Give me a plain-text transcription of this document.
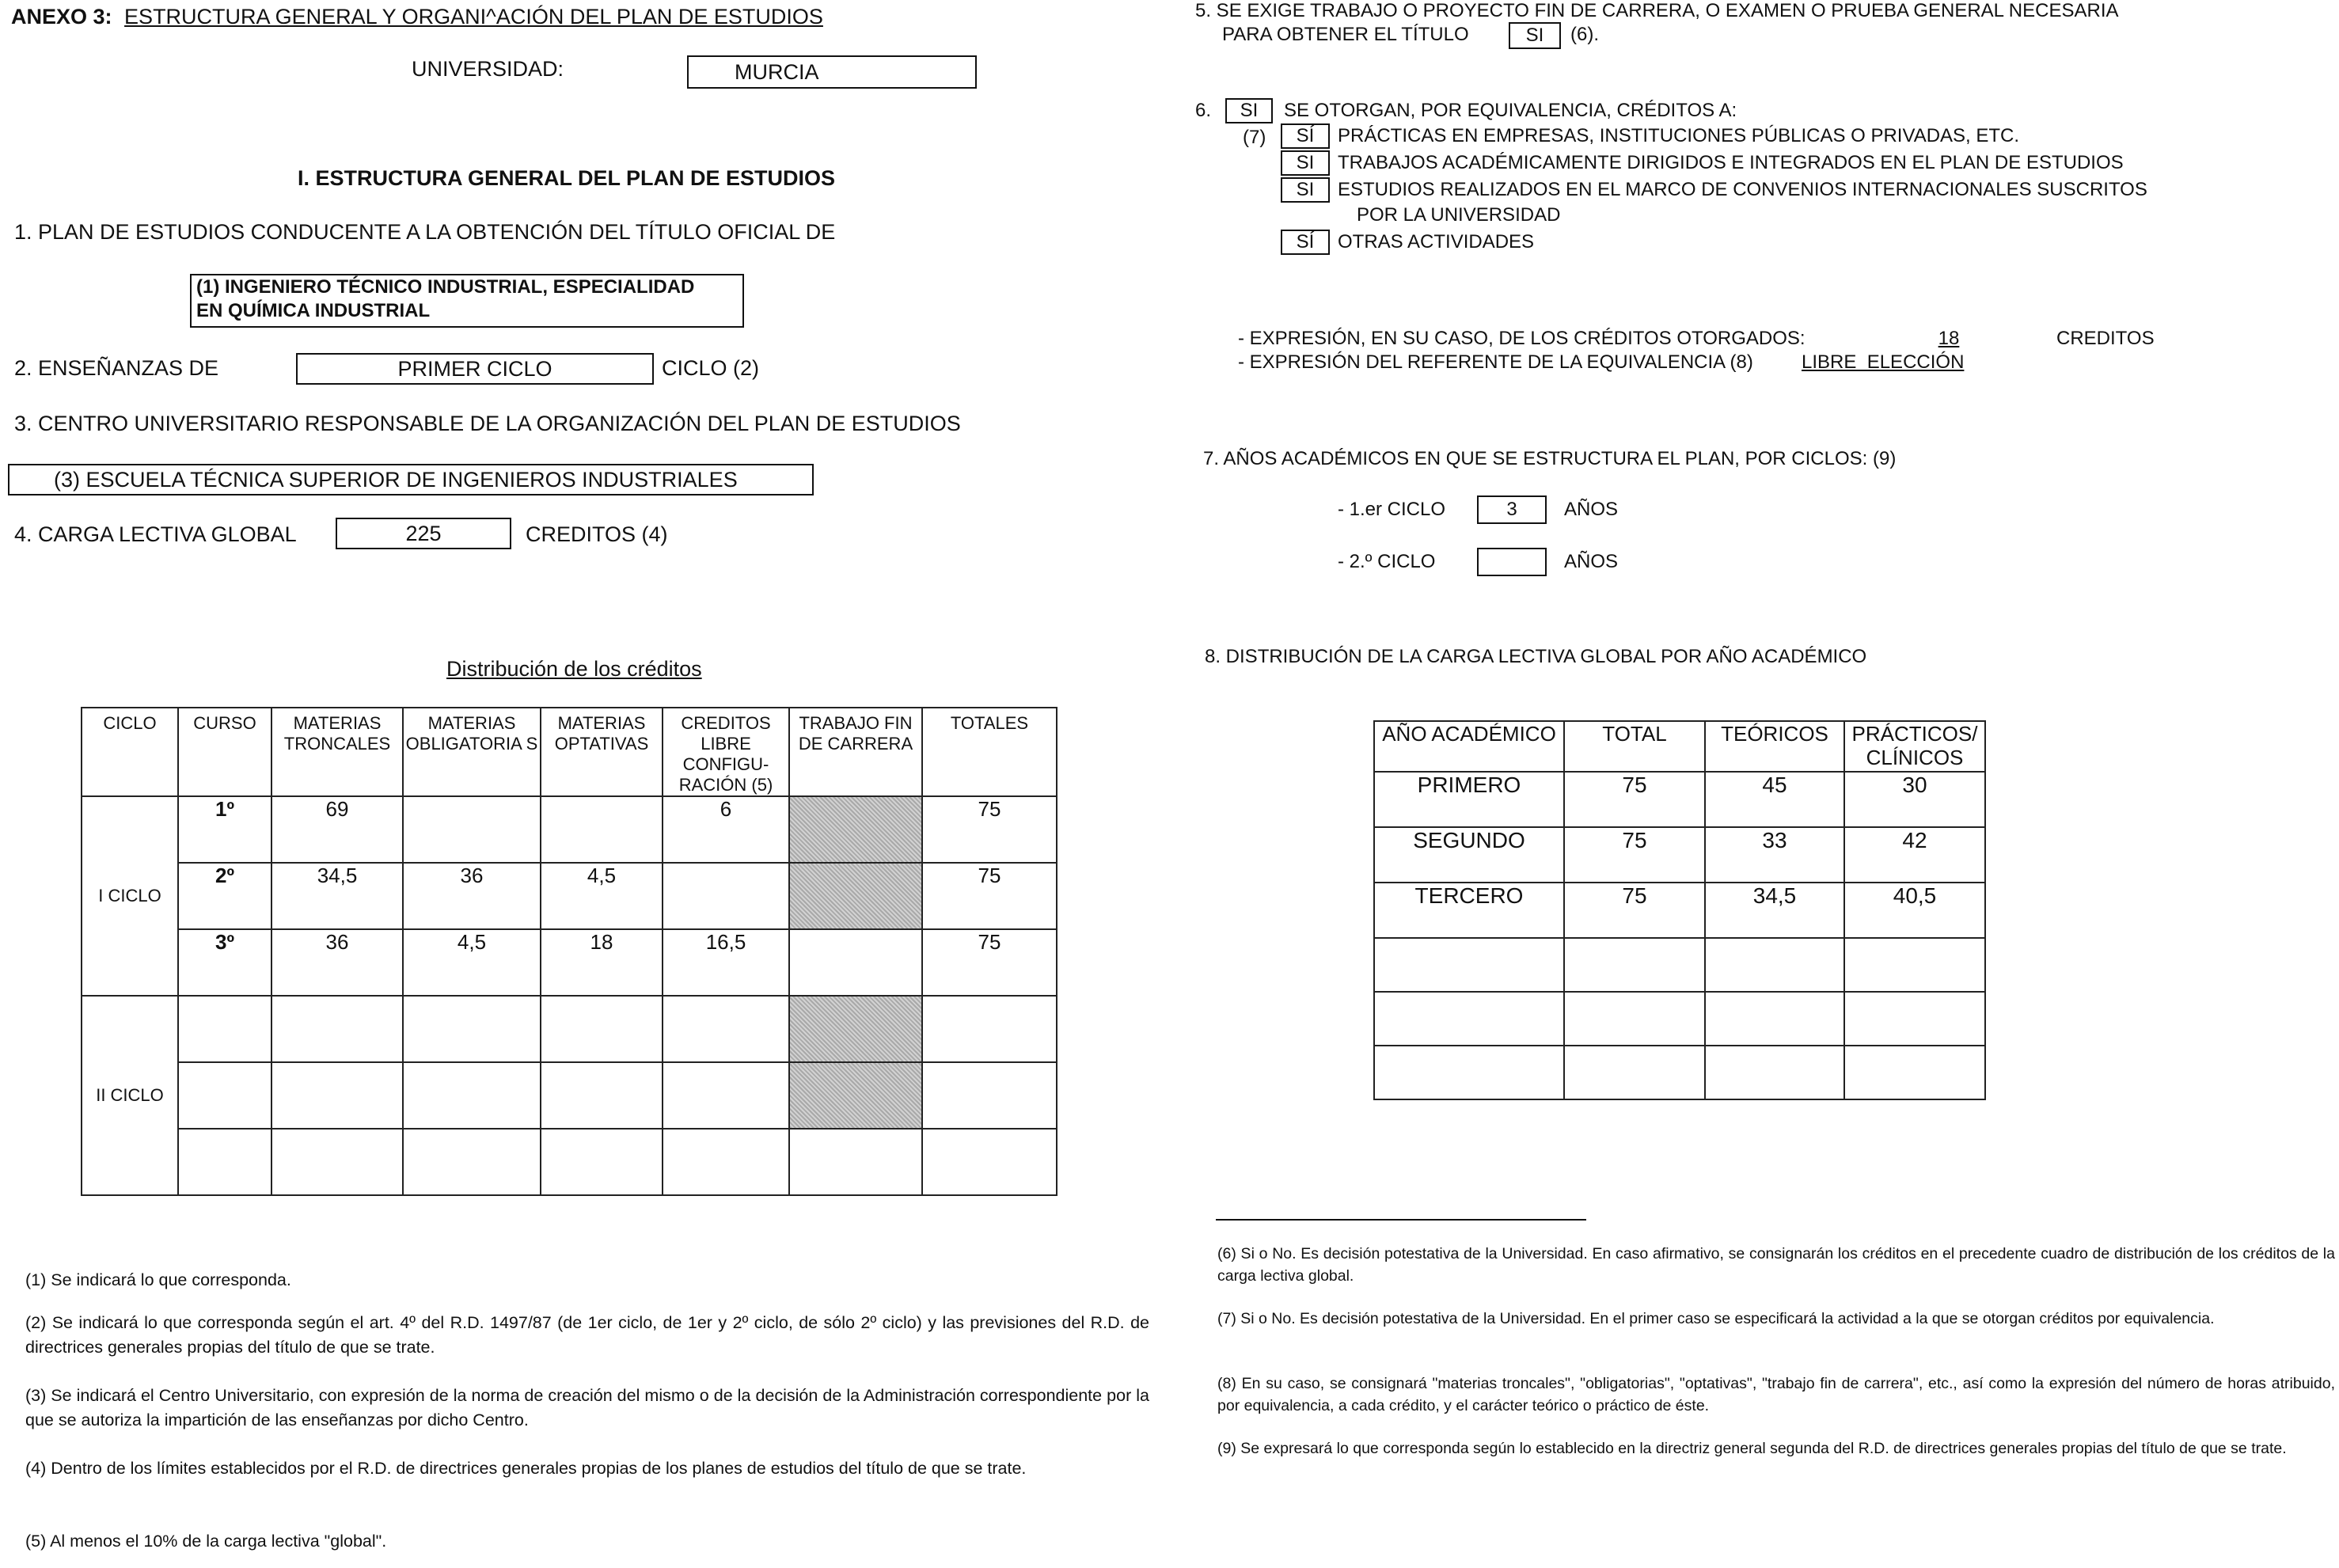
ANEXO 3: ESTRUCTURA GENERAL Y ORGANI^ACIÓN DEL PLAN DE ESTUDIOS
UNIVERSIDAD:	MURCIA
I. ESTRUCTURA GENERAL DEL PLAN DE ESTUDIOS
1. PLAN DE ESTUDIOS CONDUCENTE A LA OBTENCIÓN DEL TÍTULO OFICIAL DE
(1) INGENIERO TÉCNICO INDUSTRIAL, ESPECIALIDAD
EN QUÍMICA INDUSTRIAL
2. ENSEÑANZAS DE	PRIMER CICLO	CICLO (2)
3. CENTRO UNIVERSITARIO RESPONSABLE DE LA ORGANIZACIÓN DEL PLAN DE ESTUDIOS
(3) ESCUELA TÉCNICA SUPERIOR DE INGENIEROS INDUSTRIALES
4. CARGA LECTIVA GLOBAL	225	CREDITOS (4)
Distribución de los créditos
CICLO	CURSO	MATERIAS TRONCALES	MATERIAS OBLIGATORIA S	MATERIAS OPTATIVAS	CREDITOS LIBRE CONFIGU- RACIÓN (5)	TRABAJO FIN DE CARRERA	TOTALES
I CICLO	1º	69			6		75
	2º	34,5	36	4,5			75
	3º	36	4,5	18	16,5		75
II CICLO							

(1) Se indicará lo que corresponda.
(2) Se indicará lo que corresponda según el art. 4º del R.D. 1497/87 (de 1er ciclo, de 1er y 2º ciclo, de sólo 2º ciclo) y las previsiones del R.D. de directrices generales propias del título de que se trate.
(3) Se indicará el Centro Universitario, con expresión de la norma de creación del mismo o de la decisión de la Administración correspondiente por la que se autoriza la impartición de las enseñanzas por dicho Centro.
(4) Dentro de los límites establecidos por el R.D. de directrices generales propias de los planes de estudios del título de que se trate.
(5) Al menos el 10% de la carga lectiva "global".
5. SE EXIGE TRABAJO O PROYECTO FIN DE CARRERA, O EXAMEN O PRUEBA GENERAL NECESARIA
PARA OBTENER EL TÍTULO	SI	(6).
6.	SI	SE OTORGAN, POR EQUIVALENCIA, CRÉDITOS A:
(7)	SÍ	PRÁCTICAS EN EMPRESAS, INSTITUCIONES PÚBLICAS O PRIVADAS, ETC.
SI	TRABAJOS ACADÉMICAMENTE DIRIGIDOS E INTEGRADOS EN EL PLAN DE ESTUDIOS
SI	ESTUDIOS REALIZADOS EN EL MARCO DE CONVENIOS INTERNACIONALES SUSCRITOS
POR LA UNIVERSIDAD
SÍ	OTRAS ACTIVIDADES
- EXPRESIÓN, EN SU CASO, DE LOS CRÉDITOS OTORGADOS:	18	CREDITOS
- EXPRESIÓN DEL REFERENTE DE LA EQUIVALENCIA (8)	LIBRE  ELECCIÓN
7. AÑOS ACADÉMICOS EN QUE SE ESTRUCTURA EL PLAN, POR CICLOS: (9)
- 1.er CICLO	3	AÑOS
- 2.º CICLO	AÑOS
8. DISTRIBUCIÓN DE LA CARGA LECTIVA GLOBAL POR AÑO ACADÉMICO
AÑO ACADÉMICO	TOTAL	TEÓRICOS	PRÁCTICOS/ CLÍNICOS
PRIMERO	75	45	30
SEGUNDO	75	33	42
TERCERO	75	34,5	40,5

(6) Si o No. Es decisión potestativa de la Universidad. En caso afirmativo, se consignarán los créditos en el precedente cuadro de distribución de los créditos de la carga lectiva global.
(7) Si o No. Es decisión potestativa de la Universidad. En el primer caso se especificará la actividad a la que se otorgan créditos por equivalencia.
(8) En su caso, se consignará "materias troncales", "obligatorias", "optativas", "trabajo fin de carrera", etc., así como la expresión del número de horas atribuido, por equivalencia, a cada crédito, y el carácter teórico o práctico de éste.
(9) Se expresará lo que corresponda según lo establecido en la directriz general segunda del R.D. de directrices generales propias del título de que se trate.
